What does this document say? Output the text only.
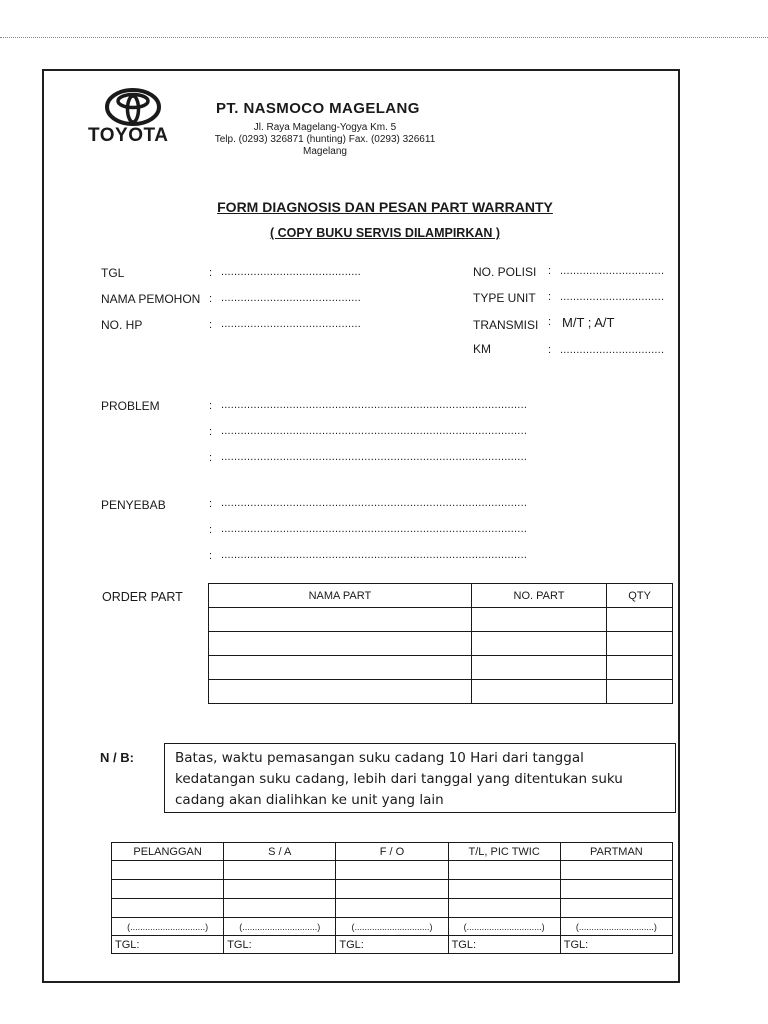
TOYOTA
PT. NASMOCO MAGELANG
Jl. Raya Magelang-Yogya Km. 5
Telp. (0293) 326871 (hunting) Fax. (0293) 326611
Magelang
FORM DIAGNOSIS DAN PESAN PART WARRANTY
( COPY BUKU SERVIS DILAMPIRKAN )
TGL	: ...........................................
NAMA PEMOHON : ...........................................
NO. HP	: ...........................................
NO. POLISI : ................................
TYPE UNIT : ................................
TRANSMISI : M/T ; A/T
KM	: ................................
PROBLEM	: ..............................................................................................
: ..............................................................................................
: ..............................................................................................
PENYEBAB	: ..............................................................................................
: ..............................................................................................
: ..............................................................................................
ORDER PART	NAMA PART	NO. PART	QTY

N / B:	Batas, waktu pemasangan suku cadang 10 Hari dari tanggal kedatangan suku cadang, lebih dari tanggal yang ditentukan suku cadang akan dialihkan ke unit yang lain
PELANGGAN	S / A	F / O	T/L, PIC TWIC	PARTMAN

(..............................)	(..............................)	(..............................)	(..............................)	(..............................)
TGL:	TGL:	TGL:	TGL:	TGL:
